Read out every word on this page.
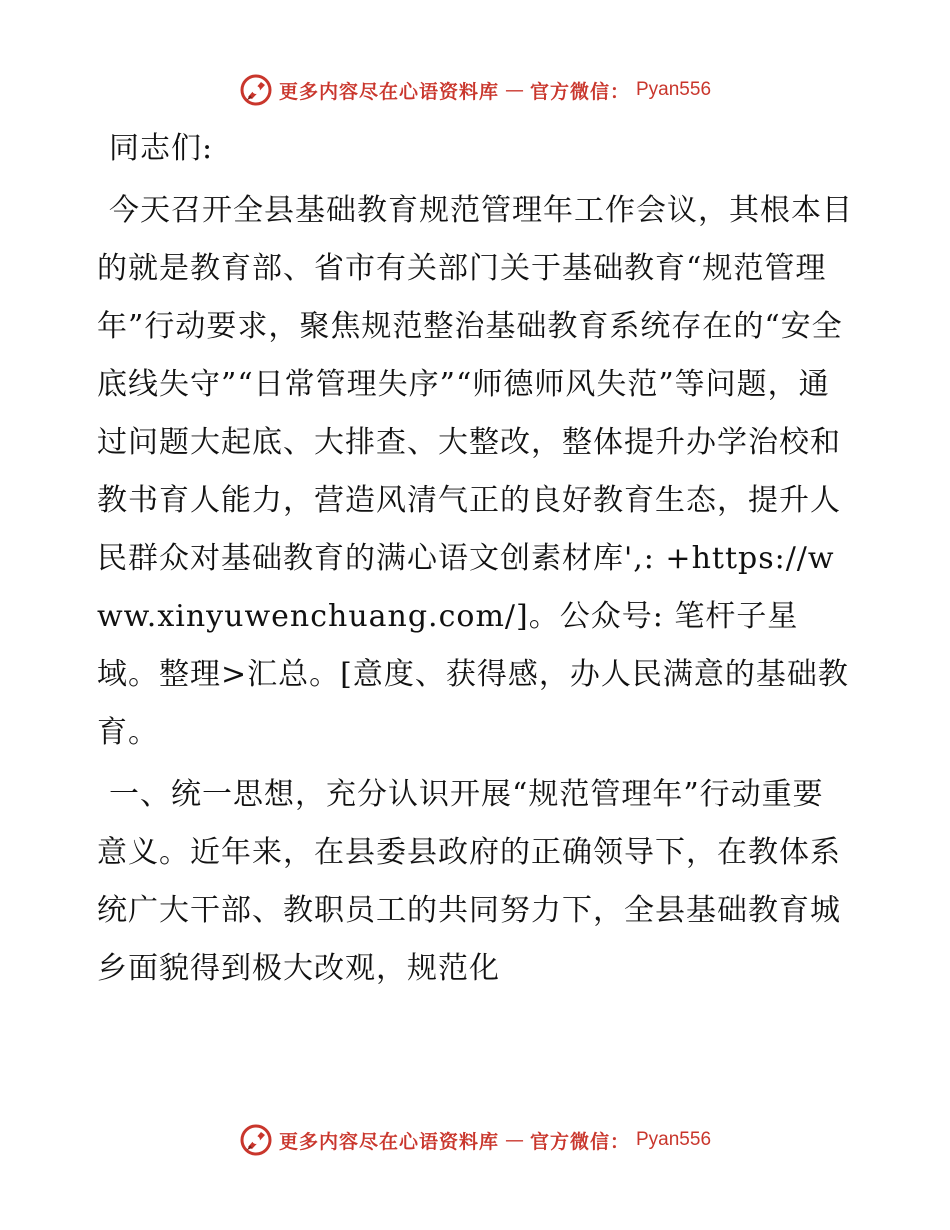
更多内容尽在心语资料库 — 官方微信： Pyan556

同志们:

今天召开全县基础教育规范管理年工作会议，其根本目的就是教育部、省市有关部门关于基础教育“规范管理年”行动要求，聚焦规范整治基础教育系统存在的“安全底线失守”“日常管理失序”“师德师风失范”等问题，通过问题大起底、大排查、大整改，整体提升办学治校和教书育人能力，营造风清气正的良好教育生态，提升人民群众对基础教育的满心语文创素材库',: +https://www.xinyuwenchuang.com/]。公众号: 笔杆子星域。整理>汇总。[意度、获得感，办人民满意的基础教育。

一、统一思想，充分认识开展“规范管理年”行动重要意义。近年来，在县委县政府的正确领导下，在教体系统广大干部、教职员工的共同努力下，全县基础教育城乡面貌得到极大改观，规范化

更多内容尽在心语资料库 — 官方微信： Pyan556
